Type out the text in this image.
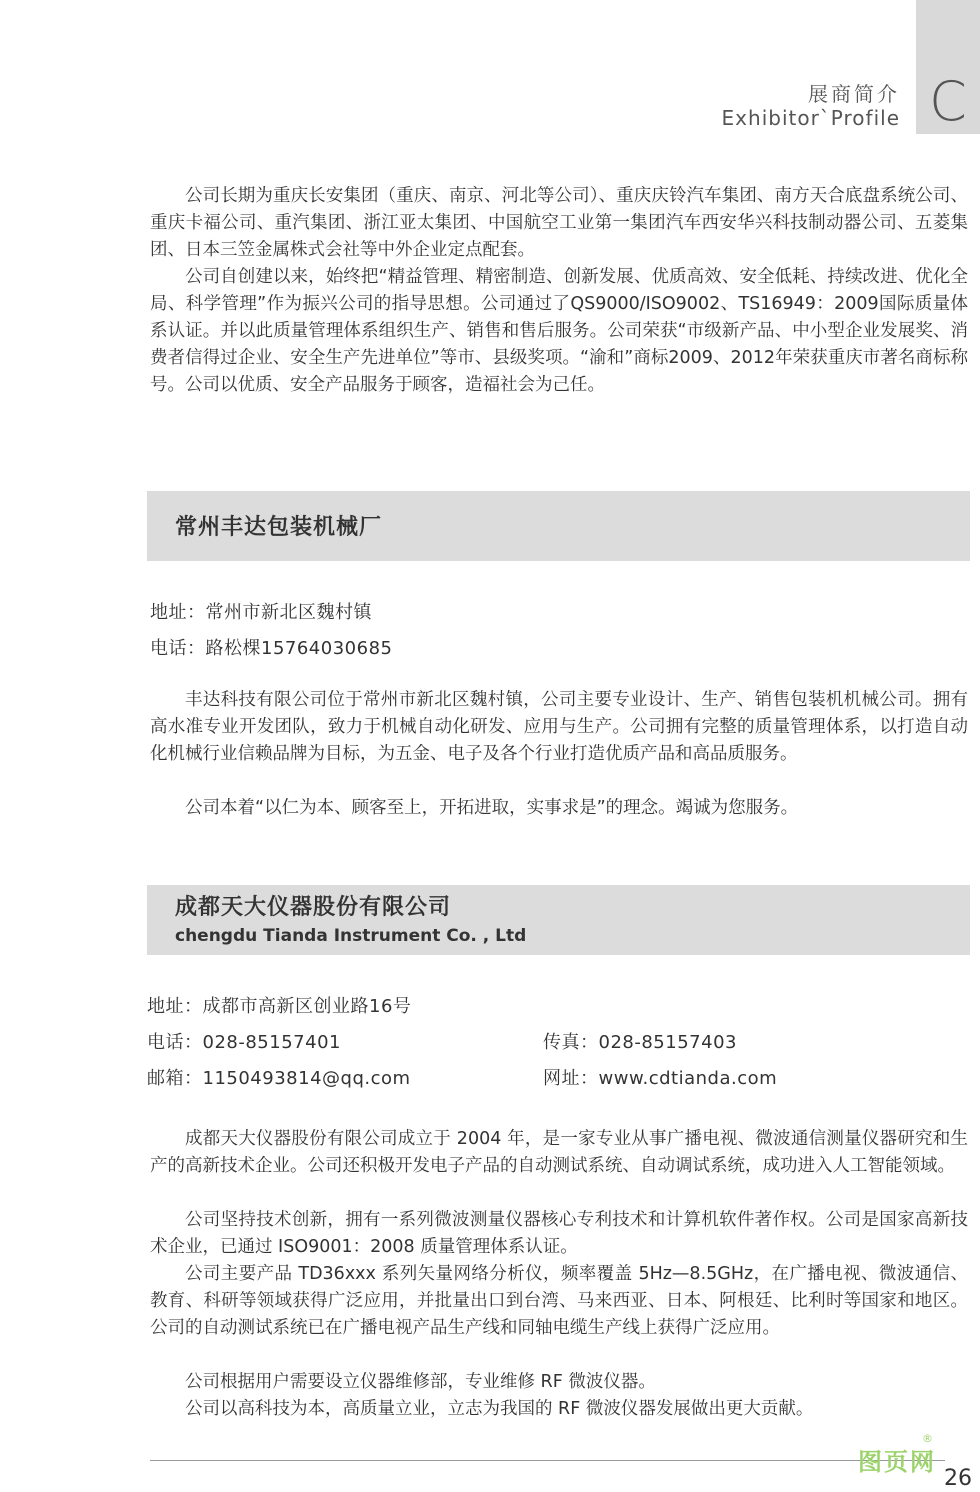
C
展商简介
Exhibitor`Profile

公司长期为重庆长安集团（重庆、南京、河北等公司）、重庆庆铃汽车集团、南方天合底盘系统公司、重庆卡福公司、重汽集团、浙江亚太集团、中国航空工业第一集团汽车西安华兴科技制动器公司、五菱集团、日本三笠金属株式会社等中外企业定点配套。

公司自创建以来，始终把“精益管理、精密制造、创新发展、优质高效、安全低耗、持续改进、优化全局、科学管理”作为振兴公司的指导思想。公司通过了QS9000/ISO9002、TS16949：2009国际质量体系认证。并以此质量管理体系组织生产、销售和售后服务。公司荣获“市级新产品、中小型企业发展奖、消费者信得过企业、安全生产先进单位”等市、县级奖项。“渝和”商标2009、2012年荣获重庆市著名商标称号。公司以优质、安全产品服务于顾客，造福社会为己任。

常州丰达包装机械厂
地址：常州市新北区魏村镇
电话：路松棵15764030685

丰达科技有限公司位于常州市新北区魏村镇，公司主要专业设计、生产、销售包装机机械公司。拥有高水准专业开发团队，致力于机械自动化研发、应用与生产。公司拥有完整的质量管理体系，以打造自动化机械行业信赖品牌为目标，为五金、电子及各个行业打造优质产品和高品质服务。

公司本着“以仁为本、顾客至上，开拓进取，实事求是”的理念。竭诚为您服务。

成都天大仪器股份有限公司
chengdu Tianda Instrument Co. , Ltd
地址：成都市高新区创业路16号
电话：028-85157401	传真：028-85157403
邮箱：1150493814@qq.com	网址：www.cdtianda.com

成都天大仪器股份有限公司成立于 2004 年，是一家专业从事广播电视、微波通信测量仪器研究和生产的高新技术企业。公司还积极开发电子产品的自动测试系统、自动调试系统，成功进入人工智能领域。

公司坚持技术创新，拥有一系列微波测量仪器核心专利技术和计算机软件著作权。公司是国家高新技术企业，已通过 ISO9001：2008 质量管理体系认证。

公司主要产品 TD36xxx 系列矢量网络分析仪，频率覆盖 5Hz—8.5GHz，在广播电视、微波通信、教育、科研等领域获得广泛应用，并批量出口到台湾、马来西亚、日本、阿根廷、比利时等国家和地区。公司的自动测试系统已在广播电视产品生产线和同轴电缆生产线上获得广泛应用。

公司根据用户需要设立仪器维修部，专业维修 RF 微波仪器。

公司以高科技为本，高质量立业，立志为我国的 RF 微波仪器发展做出更大贡献。

图页网
®
26
